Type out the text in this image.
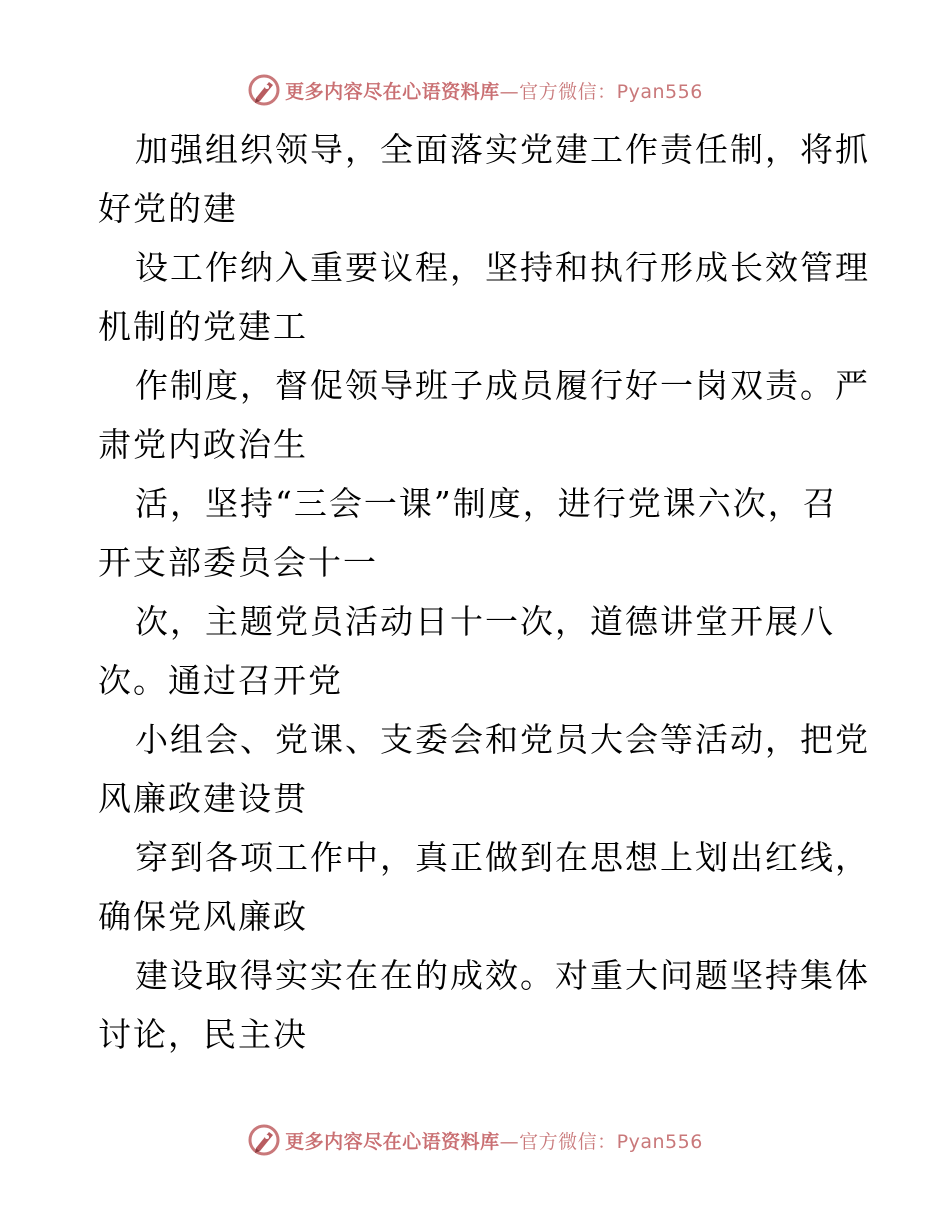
更多内容尽在心语资料库—官方微信：Pyan556

加强组织领导，全面落实党建工作责任制，将抓
好党的建

设工作纳入重要议程，坚持和执行形成长效管理
机制的党建工

作制度，督促领导班子成员履行好一岗双责。严
肃党内政治生

活，坚持“三会一课”制度，进行党课六次，召
开支部委员会十一

次，主题党员活动日十一次，道德讲堂开展八
次。通过召开党

小组会、党课、支委会和党员大会等活动，把党
风廉政建设贯

穿到各项工作中，真正做到在思想上划出红线，
确保党风廉政

建设取得实实在在的成效。对重大问题坚持集体
讨论，民主决

更多内容尽在心语资料库—官方微信：Pyan556
